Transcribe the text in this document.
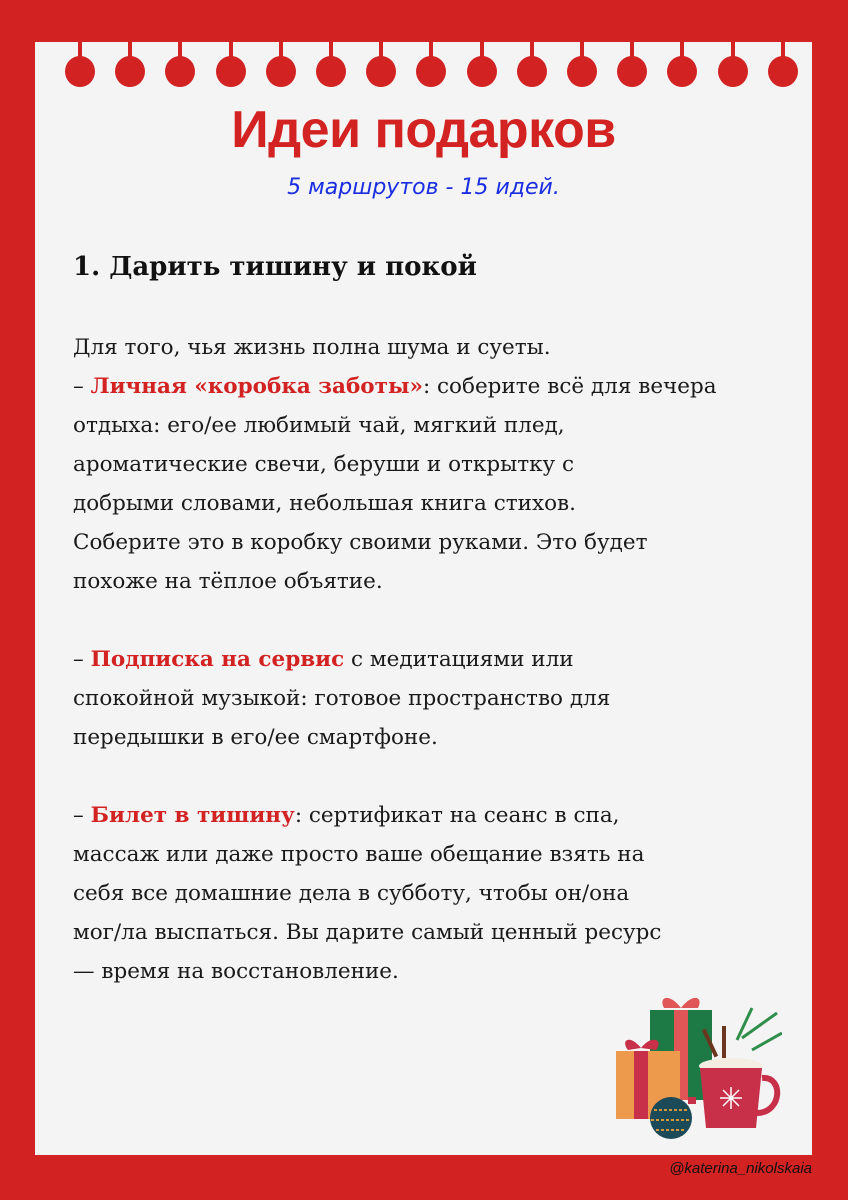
Идеи подарков
5 маршрутов - 15 идей.
1. Дарить тишину и покой
Для того, чья жизнь полна шума и суеты.
– Личная «коробка заботы»: соберите всё для вечера
отдыха: его/ее любимый чай, мягкий плед,
ароматические свечи, беруши и открытку с
добрыми словами, небольшая книга стихов.
Соберите это в коробку своими руками. Это будет
похоже на тёплое объятие.
– Подписка на сервис с медитациями или
спокойной музыкой: готовое пространство для
передышки в его/ее смартфоне.
– Билет в тишину: сертификат на сеанс в спа,
массаж или даже просто ваше обещание взять на
себя все домашние дела в субботу, чтобы он/она
мог/ла выспаться. Вы дарите самый ценный ресурс
— время на восстановление.
@katerina_nikolskaia
